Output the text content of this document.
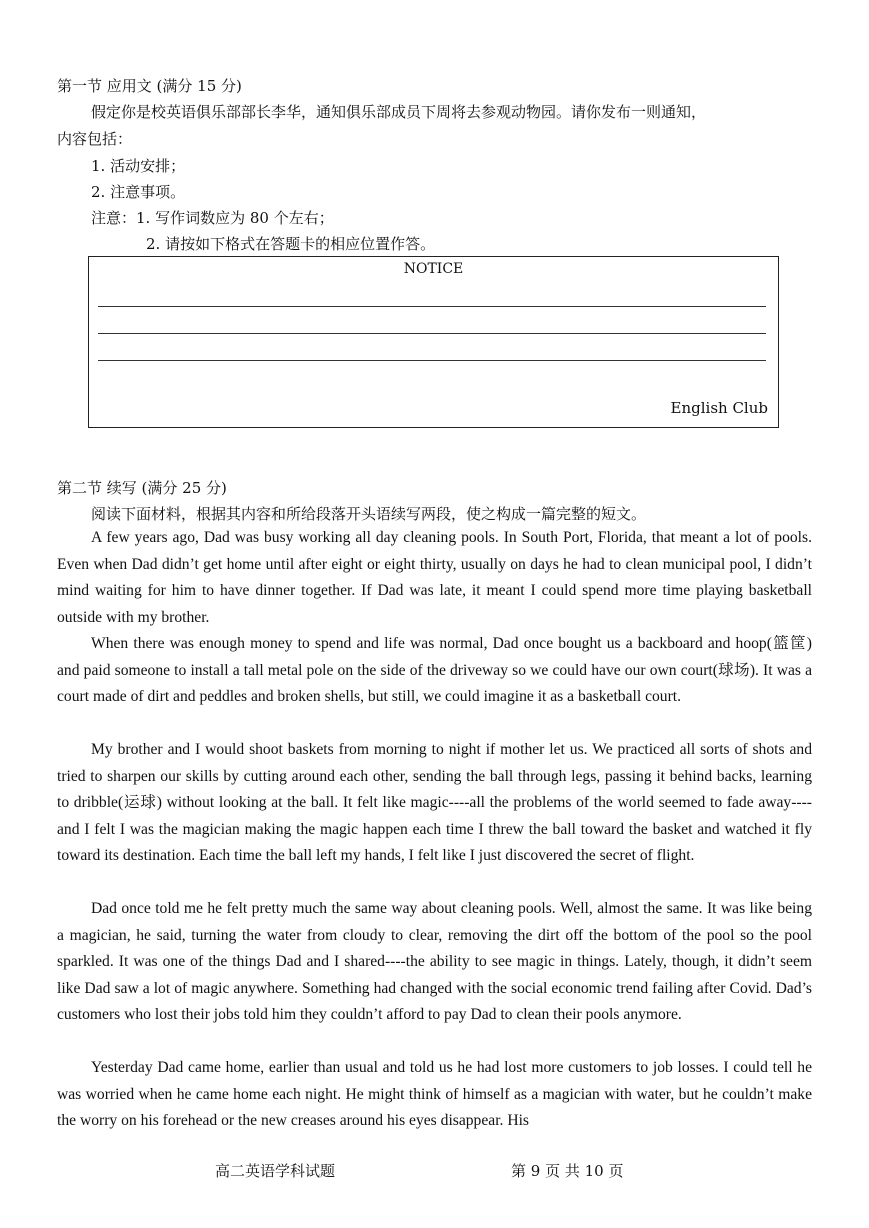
第一节 应用文 (满分 15 分)
假定你是校英语俱乐部部长李华，通知俱乐部成员下周将去参观动物园。请你发布一则通知，
内容包括：
1. 活动安排；
2. 注意事项。
注意：1. 写作词数应为 80 个左右；
2. 请按如下格式在答题卡的相应位置作答。
NOTICE
English Club
第二节 续写 (满分 25 分)
阅读下面材料，根据其内容和所给段落开头语续写两段，使之构成一篇完整的短文。
A few years ago, Dad was busy working all day cleaning pools. In South Port, Florida, that meant a lot of pools. Even when Dad didn’t get home until after eight or eight thirty, usually on days he had to clean municipal pool, I didn’t mind waiting for him to have dinner together. If Dad was late, it meant I could spend more time playing basketball outside with my brother.
When there was enough money to spend and life was normal, Dad once bought us a backboard and hoop(篮筐) and paid someone to install a tall metal pole on the side of the driveway so we could have our own court(球场). It was a court made of dirt and peddles and broken shells, but still, we could imagine it as a basketball court.
My brother and I would shoot baskets from morning to night if mother let us. We practiced all sorts of shots and tried to sharpen our skills by cutting around each other, sending the ball through legs, passing it behind backs, learning to dribble(运球) without looking at the ball. It felt like magic----all the problems of the world seemed to fade away----and I felt I was the magician making the magic happen each time I threw the ball toward the basket and watched it fly toward its destination. Each time the ball left my hands, I felt like I just discovered the secret of flight.
Dad once told me he felt pretty much the same way about cleaning pools. Well, almost the same. It was like being a magician, he said, turning the water from cloudy to clear, removing the dirt off the bottom of the pool so the pool sparkled. It was one of the things Dad and I shared----the ability to see magic in things. Lately, though, it didn’t seem like Dad saw a lot of magic anywhere. Something had changed with the social economic trend failing after Covid. Dad’s customers who lost their jobs told him they couldn’t afford to pay Dad to clean their pools anymore.
Yesterday Dad came home, earlier than usual and told us he had lost more customers to job losses. I could tell he was worried when he came home each night. He might think of himself as a magician with water, but he couldn’t make the worry on his forehead or the new creases around his eyes disappear. His
高二英语学科试题	第 9 页 共 10 页
